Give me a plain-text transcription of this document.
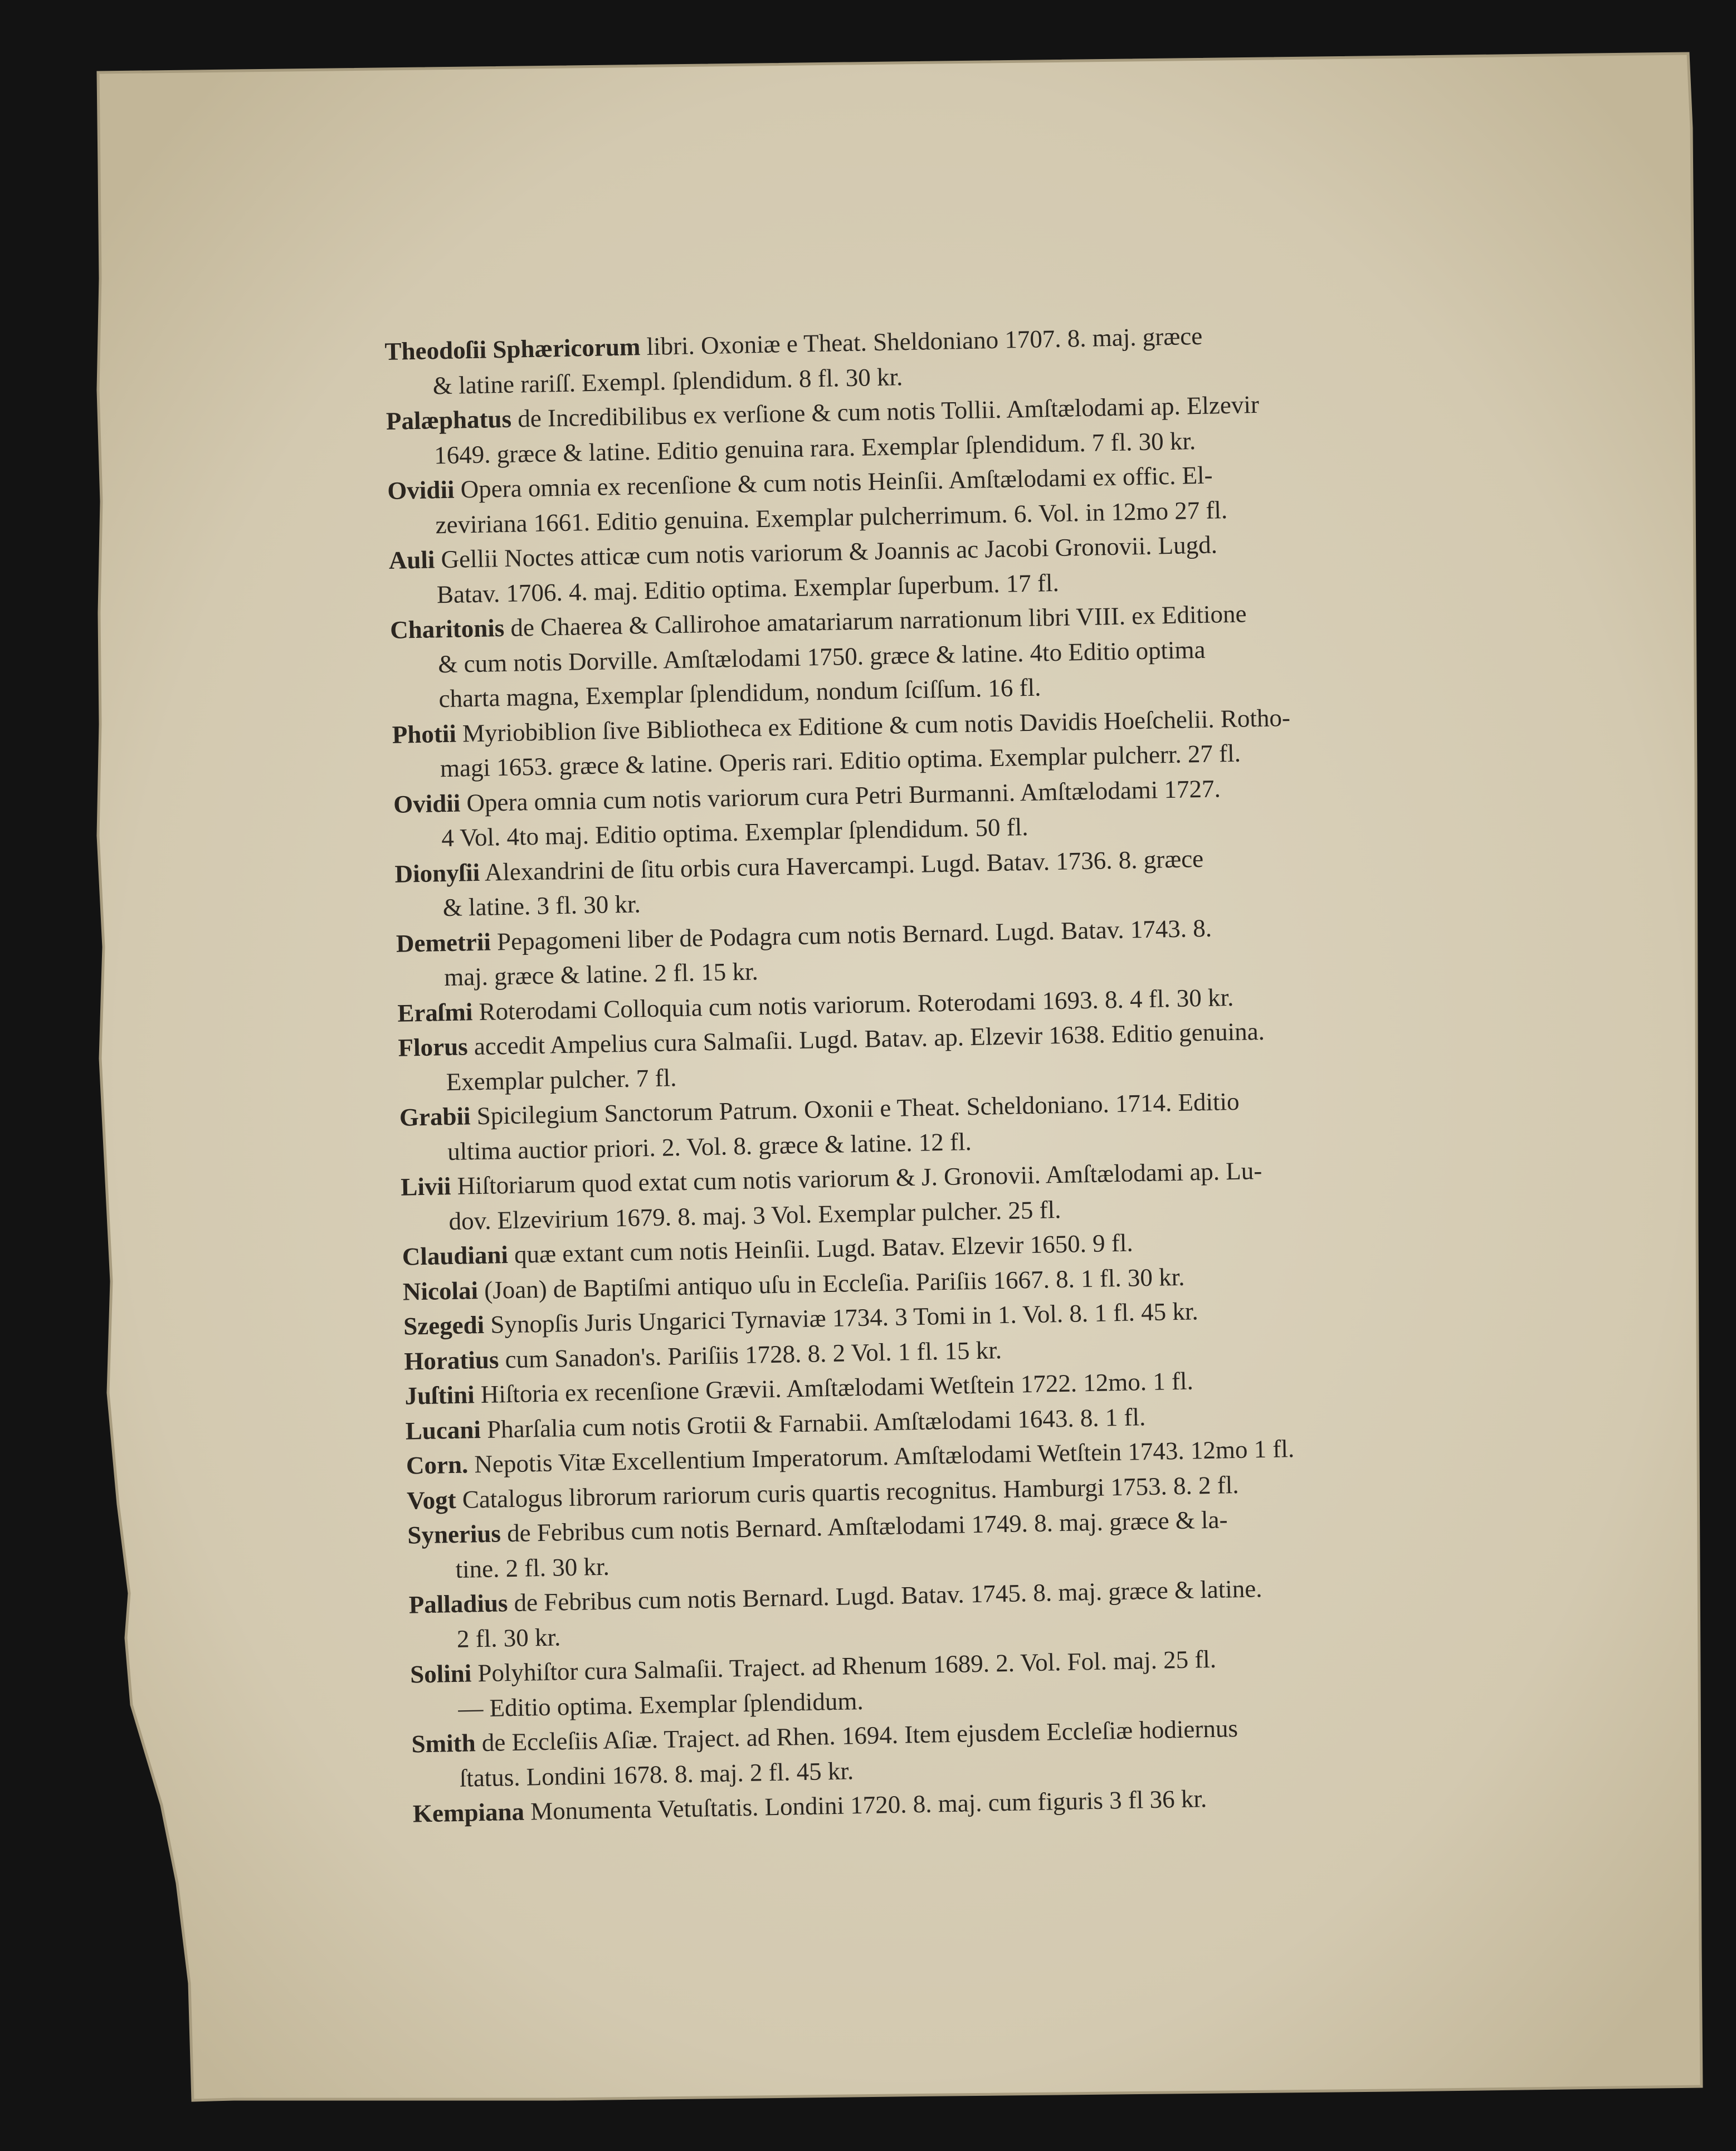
Theodoſii Sphæricorum libri. Oxoniæ e Theat. Sheldoniano 1707. 8. maj. græce
& latine rariſſ. Exempl. ſplendidum. 8 fl. 30 kr.

Palæphatus de Incredibilibus ex verſione & cum notis Tollii. Amſtælodami ap. Elzevir
1649. græce & latine. Editio genuina rara. Exemplar ſplendidum. 7 fl. 30 kr.

Ovidii Opera omnia ex recenſione & cum notis Heinſii. Amſtælodami ex offic. El-
zeviriana 1661. Editio genuina. Exemplar pulcherrimum. 6. Vol. in 12mo 27 fl.

Auli Gellii Noctes atticæ cum notis variorum & Joannis ac Jacobi Gronovii. Lugd.
Batav. 1706. 4. maj. Editio optima. Exemplar ſuperbum. 17 fl.

Charitonis de Chaerea & Callirohoe amatariarum narrationum libri VIII. ex Editione
& cum notis Dorville. Amſtælodami 1750. græce & latine. 4to Editio optima
charta magna, Exemplar ſplendidum, nondum ſciſſum. 16 fl.

Photii Myriobiblion ſive Bibliotheca ex Editione & cum notis Davidis Hoeſchelii. Rotho-
magi 1653. græce & latine. Operis rari. Editio optima. Exemplar pulcherr. 27 fl.

Ovidii Opera omnia cum notis variorum cura Petri Burmanni. Amſtælodami 1727.
4 Vol. 4to maj. Editio optima. Exemplar ſplendidum. 50 fl.

Dionyſii Alexandrini de ſitu orbis cura Havercampi. Lugd. Batav. 1736. 8. græce
& latine. 3 fl. 30 kr.

Demetrii Pepagomeni liber de Podagra cum notis Bernard. Lugd. Batav. 1743. 8.
maj. græce & latine. 2 fl. 15 kr.

Eraſmi Roterodami Colloquia cum notis variorum. Roterodami 1693. 8. 4 fl. 30 kr.

Florus accedit Ampelius cura Salmaſii. Lugd. Batav. ap. Elzevir 1638. Editio genuina.
Exemplar pulcher. 7 fl.

Grabii Spicilegium Sanctorum Patrum. Oxonii e Theat. Scheldoniano. 1714. Editio
ultima auctior priori. 2. Vol. 8. græce & latine. 12 fl.

Livii Hiſtoriarum quod extat cum notis variorum & J. Gronovii. Amſtælodami ap. Lu-
dov. Elzevirium 1679. 8. maj. 3 Vol. Exemplar pulcher. 25 fl.

Claudiani quæ extant cum notis Heinſii. Lugd. Batav. Elzevir 1650. 9 fl.

Nicolai (Joan) de Baptiſmi antiquo uſu in Eccleſia. Pariſiis 1667. 8. 1 fl. 30 kr.

Szegedi Synopſis Juris Ungarici Tyrnaviæ 1734. 3 Tomi in 1. Vol. 8. 1 fl. 45 kr.

Horatius cum Sanadon's. Pariſiis 1728. 8. 2 Vol. 1 fl. 15 kr.

Juſtini Hiſtoria ex recenſione Grævii. Amſtælodami Wetſtein 1722. 12mo. 1 fl.

Lucani Pharſalia cum notis Grotii & Farnabii. Amſtælodami 1643. 8. 1 fl.

Corn. Nepotis Vitæ Excellentium Imperatorum. Amſtælodami Wetſtein 1743. 12mo 1 fl.

Vogt Catalogus librorum rariorum curis quartis recognitus. Hamburgi 1753. 8. 2 fl.

Synerius de Febribus cum notis Bernard. Amſtælodami 1749. 8. maj. græce & la-
tine. 2 fl. 30 kr.

Palladius de Febribus cum notis Bernard. Lugd. Batav. 1745. 8. maj. græce & latine.
2 fl. 30 kr.

Solini Polyhiſtor cura Salmaſii. Traject. ad Rhenum 1689. 2. Vol. Fol. maj. 25 fl.
— Editio optima. Exemplar ſplendidum.

Smith de Eccleſiis Aſiæ. Traject. ad Rhen. 1694. Item ejusdem Eccleſiæ hodiernus
ſtatus. Londini 1678. 8. maj. 2 fl. 45 kr.

Kempiana Monumenta Vetuſtatis. Londini 1720. 8. maj. cum figuris 3 fl 36 kr.
